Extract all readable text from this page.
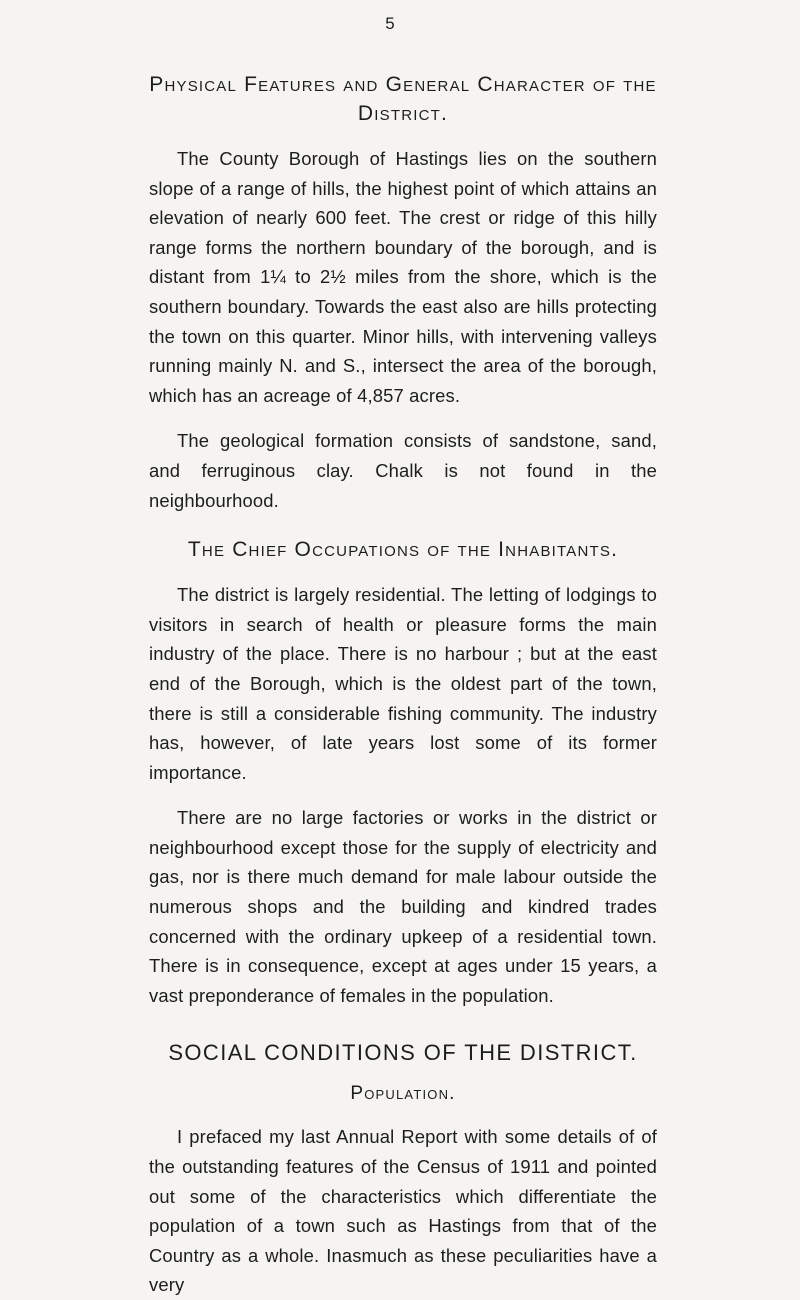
5

Physical Features and General Character of the
District.

The County Borough of Hastings lies on the southern slope of a range of hills, the highest point of which attains an elevation of nearly 600 feet. The crest or ridge of this hilly range forms the northern boundary of the borough, and is distant from 1¼ to 2½ miles from the shore, which is the southern boundary. Towards the east also are hills protecting the town on this quarter. Minor hills, with intervening valleys running mainly N. and S., intersect the area of the borough, which has an acreage of 4,857 acres.

The geological formation consists of sandstone, sand, and ferruginous clay. Chalk is not found in the neighbourhood.

The Chief Occupations of the Inhabitants.

The district is largely residential. The letting of lodgings to visitors in search of health or pleasure forms the main industry of the place. There is no harbour ; but at the east end of the Borough, which is the oldest part of the town, there is still a considerable fishing community. The industry has, however, of late years lost some of its former importance.

There are no large factories or works in the district or neighbourhood except those for the supply of electricity and gas, nor is there much demand for male labour outside the numerous shops and the building and kindred trades concerned with the ordinary upkeep of a residential town. There is in consequence, except at ages under 15 years, a vast preponderance of females in the population.

SOCIAL CONDITIONS OF THE DISTRICT.
Population.

I prefaced my last Annual Report with some details of of the outstanding features of the Census of 1911 and pointed out some of the characteristics which differentiate the population of a town such as Hastings from that of the Country as a whole. Inasmuch as these peculiarities have a very
